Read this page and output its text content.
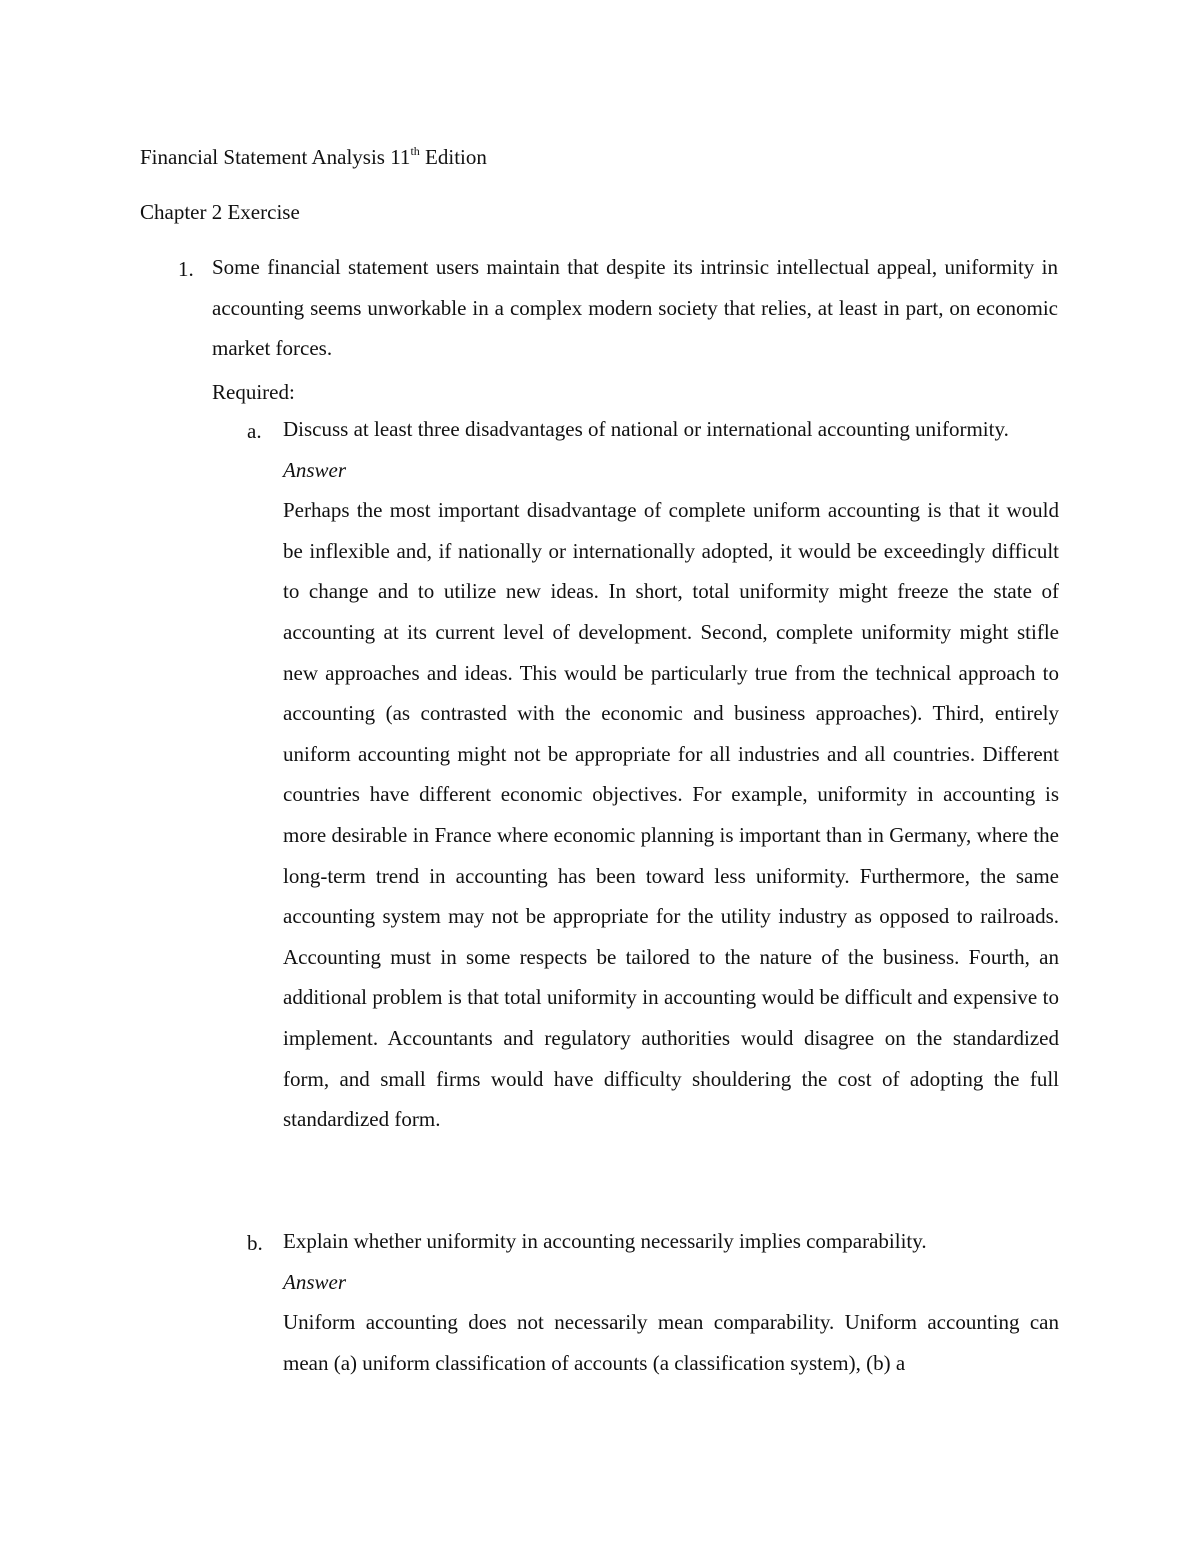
Financial Statement Analysis 11th Edition
Chapter 2 Exercise
1. Some financial statement users maintain that despite its intrinsic intellectual appeal, uniformity in accounting seems unworkable in a complex modern society that relies, at least in part, on economic market forces.

Required:
a. Discuss at least three disadvantages of national or international accounting uniformity.
Answer
Perhaps the most important disadvantage of complete uniform accounting is that it would be inflexible and, if nationally or internationally adopted, it would be exceedingly difficult to change and to utilize new ideas. In short, total uniformity might freeze the state of accounting at its current level of development. Second, complete uniformity might stifle new approaches and ideas. This would be particularly true from the technical approach to accounting (as contrasted with the economic and business approaches). Third, entirely uniform accounting might not be appropriate for all industries and all countries. Different countries have different economic objectives. For example, uniformity in accounting is more desirable in France where economic planning is important than in Germany, where the long-term trend in accounting has been toward less uniformity. Furthermore, the same accounting system may not be appropriate for the utility industry as opposed to railroads. Accounting must in some respects be tailored to the nature of the business. Fourth, an additional problem is that total uniformity in accounting would be difficult and expensive to implement. Accountants and regulatory authorities would disagree on the standardized form, and small firms would have difficulty shouldering the cost of adopting the full standardized form.
b. Explain whether uniformity in accounting necessarily implies comparability.
Answer
Uniform accounting does not necessarily mean comparability. Uniform accounting can mean (a) uniform classification of accounts (a classification system), (b) a
